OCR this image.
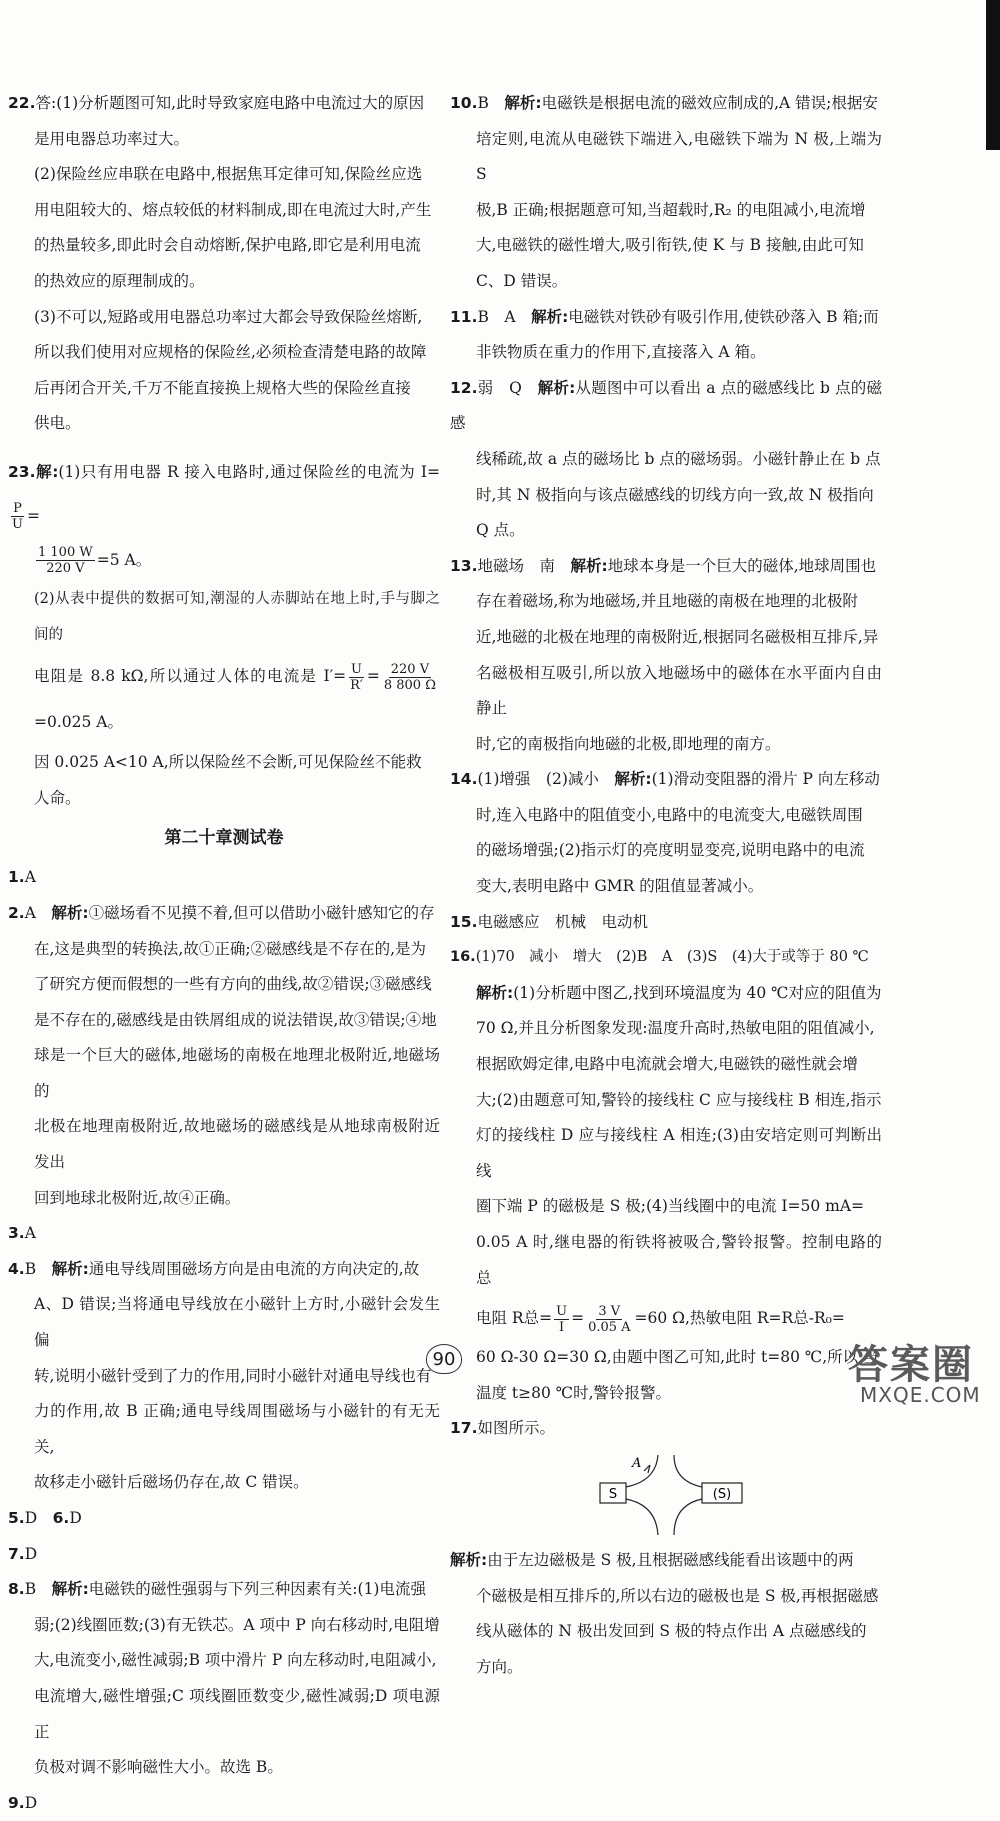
22.答:(1)分析题图可知,此时导致家庭电路中电流过大的原因
是用电器总功率过大。
(2)保险丝应串联在电路中,根据焦耳定律可知,保险丝应选
用电阻较大的、熔点较低的材料制成,即在电流过大时,产生
的热量较多,即此时会自动熔断,保护电路,即它是利用电流
的热效应的原理制成的。
(3)不可以,短路或用电器总功率过大都会导致保险丝熔断,
所以我们使用对应规格的保险丝,必须检查清楚电路的故障
后再闭合开关,千万不能直接换上规格大些的保险丝直接
供电。
23.解:(1)只有用电器 R 接入电路时,通过保险丝的电流为 I=
$\frac{P}{U}$ =
$\frac{1 100 W}{220 V} =5$ A。
(2)从表中提供的数据可知,潮湿的人赤脚站在地上时,手与脚之间的
电阻是 8.8 kΩ,所以通过人体的电流是 $I'= \frac{U}{R'} = \frac{220 V}{8 800 \Omega}$
=0.025 A。
因 0.025 A<10 A,所以保险丝不会断,可见保险丝不能救
人命。
第二十章测试卷
1.A
2.A　 解析:①磁场看不见摸不着,但可以借助小磁针感知它的存
在,这是典型的转换法,故①正确;②磁感线是不存在的,是为
了研究方便而假想的一些有方向的曲线,故②错误;③磁感线
是不存在的,磁感线是由铁屑组成的说法错误,故③错误;④地
球是一个巨大的磁体,地磁场的南极在地理北极附近,地磁场的
北极在地理南极附近,故地磁场的磁感线是从地球南极附近发出
回到地球北极附近,故④正确。
3.A
4.B　 解析:通电导线周围磁场方向是由电流的方向决定的,故
A、D 错误;当将通电导线放在小磁针上方时,小磁针会发生偏
转,说明小磁针受到了力的作用,同时小磁针对通电导线也有
力的作用,故 B 正确;通电导线周围磁场与小磁针的有无无关,
故移走小磁针后磁场仍存在,故 C 错误。
5.D　 6.D
7.D
8.B　 解析:电磁铁的磁性强弱与下列三种因素有关:(1)电流强
弱;(2)线圈匝数;(3)有无铁芯。A 项中 P 向右移动时,电阻增
大,电流变小,磁性减弱;B 项中滑片 P 向左移动时,电阻减小,
电流增大,磁性增强;C 项线圈匝数变少,磁性减弱;D 项电源正
负极对调不影响磁性大小。故选 B。
9.D
10.B　 解析:电磁铁是根据电流的磁效应制成的,A 错误;根据安
培定则,电流从电磁铁下端进入,电磁铁下端为 N 极,上端为 S
极,B 正确;根据题意可知,当超载时,R₂ 的电阻减小,电流增
大,电磁铁的磁性增大,吸引衔铁,使 K 与 B 接触,由此可知
C、D 错误。
11.B　A　 解析:电磁铁对铁砂有吸引作用,使铁砂落入 B 箱;而
非铁物质在重力的作用下,直接落入 A 箱。
12.弱　Q　 解析:从题图中可以看出 a 点的磁感线比 b 点的磁感
线稀疏,故 a 点的磁场比 b 点的磁场弱。小磁针静止在 b 点
时,其 N 极指向与该点磁感线的切线方向一致,故 N 极指向
Q 点。
13.地磁场　南　 解析:地球本身是一个巨大的磁体,地球周围也
存在着磁场,称为地磁场,并且地磁的南极在地理的北极附
近,地磁的北极在地理的南极附近,根据同名磁极相互排斥,异
名磁极相互吸引,所以放入地磁场中的磁体在水平面内自由静止
时,它的南极指向地磁的北极,即地理的南方。
14.(1)增强　(2)减小　 解析:(1)滑动变阻器的滑片 P 向左移动
时,连入电路中的阻值变小,电路中的电流变大,电磁铁周围
的磁场增强;(2)指示灯的亮度明显变亮,说明电路中的电流
变大,表明电路中 GMR 的阻值显著减小。
15.电磁感应　机械　电动机
16.(1)70　减小　增大　(2)B　A　(3)S　(4)大于或等于 80 ℃
解析:(1)分析题中图乙,找到环境温度为 40 ℃对应的阻值为
70 Ω,并且分析图象发现:温度升高时,热敏电阻的阻值减小,
根据欧姆定律,电路中电流就会增大,电磁铁的磁性就会增
大;(2)由题意可知,警铃的接线柱 C 应与接线柱 B 相连,指示
灯的接线柱 D 应与接线柱 A 相连;(3)由安培定则可判断出线
圈下端 P 的磁极是 S 极;(4)当线圈中的电流 I=50 mA=
0.05 A 时,继电器的衔铁将被吸合,警铃报警。控制电路的总
电阻 R总= $\frac{U}{I} = \frac{3 V}{0.05 A} =60$ Ω,热敏电阻 R=R总-R₀=
60 Ω-30 Ω=30 Ω,由题中图乙可知,此时 t=80 ℃,所以,当
温度 t≥80 ℃时,警铃报警。
17.如图所示。
S	(S)
A
解析:由于左边磁极是 S 极,且根据磁感线能看出该题中的两
个磁极是相互排斥的,所以右边的磁极也是 S 极,再根据磁感
线从磁体的 N 极出发回到 S 极的特点作出 A 点磁感线的
方向。
90	答案圈
MXQE.COM
